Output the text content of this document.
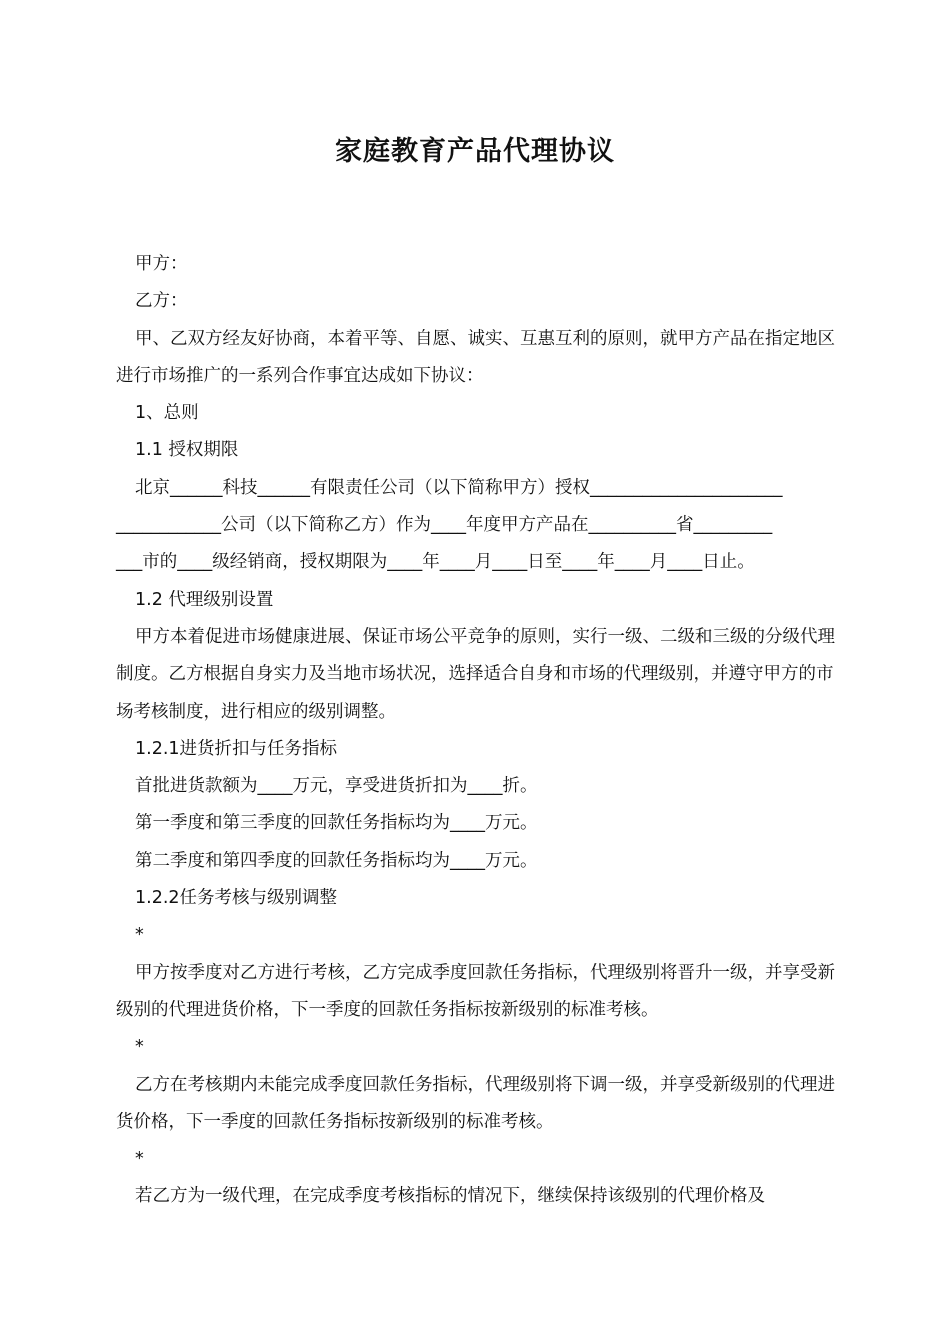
家庭教育产品代理协议

甲方：

乙方：

甲、乙双方经友好协商，本着平等、自愿、诚实、互惠互利的原则，就甲方产品在指定地区进行市场推广的一系列合作事宜达成如下协议：

1、总则

1.1 授权期限

北京______科技______有限责任公司（以下简称甲方）授权______________________

____________公司（以下简称乙方）作为____年度甲方产品在__________省_________

___市的____级经销商，授权期限为____年____月____日至____年____月____日止。

1.2 代理级别设置

甲方本着促进市场健康进展、保证市场公平竞争的原则，实行一级、二级和三级的分级代理制度。乙方根据自身实力及当地市场状况，选择适合自身和市场的代理级别，并遵守甲方的市场考核制度，进行相应的级别调整。

1.2.1进货折扣与任务指标

首批进货款额为____万元，享受进货折扣为____折。

第一季度和第三季度的回款任务指标均为____万元。

第二季度和第四季度的回款任务指标均为____万元。

1.2.2任务考核与级别调整

*

甲方按季度对乙方进行考核，乙方完成季度回款任务指标，代理级别将晋升一级，并享受新级别的代理进货价格，下一季度的回款任务指标按新级别的标准考核。

*

乙方在考核期内未能完成季度回款任务指标，代理级别将下调一级，并享受新级别的代理进货价格，下一季度的回款任务指标按新级别的标准考核。

*

若乙方为一级代理，在完成季度考核指标的情况下，继续保持该级别的代理价格及
